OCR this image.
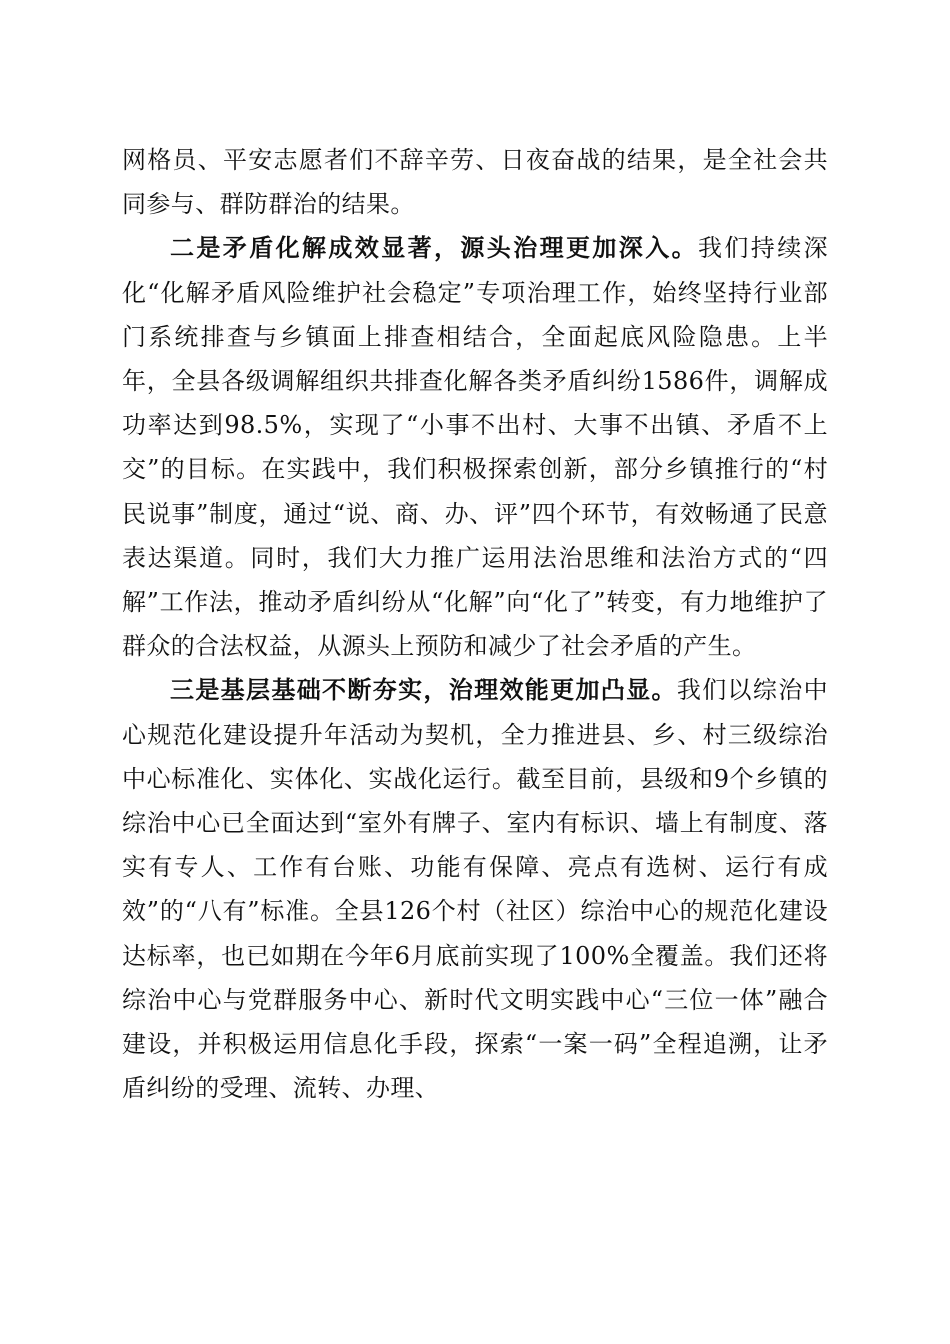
网格员、平安志愿者们不辞辛劳、日夜奋战的结果，是全社会共同参与、群防群治的结果。

二是矛盾化解成效显著，源头治理更加深入。我们持续深化“化解矛盾风险维护社会稳定”专项治理工作，始终坚持行业部门系统排查与乡镇面上排查相结合，全面起底风险隐患。上半年，全县各级调解组织共排查化解各类矛盾纠纷1586件，调解成功率达到98.5%，实现了“小事不出村、大事不出镇、矛盾不上交”的目标。在实践中，我们积极探索创新，部分乡镇推行的“村民说事”制度，通过“说、商、办、评”四个环节，有效畅通了民意表达渠道。同时，我们大力推广运用法治思维和法治方式的“四解”工作法，推动矛盾纠纷从“化解”向“化了”转变，有力地维护了群众的合法权益，从源头上预防和减少了社会矛盾的产生。

三是基层基础不断夯实，治理效能更加凸显。我们以综治中心规范化建设提升年活动为契机，全力推进县、乡、村三级综治中心标准化、实体化、实战化运行。截至目前，县级和9个乡镇的综治中心已全面达到“室外有牌子、室内有标识、墙上有制度、落实有专人、工作有台账、功能有保障、亮点有选树、运行有成效”的“八有”标准。全县126个村（社区）综治中心的规范化建设达标率，也已如期在今年6月底前实现了100%全覆盖。我们还将综治中心与党群服务中心、新时代文明实践中心“三位一体”融合建设，并积极运用信息化手段，探索“一案一码”全程追溯，让矛盾纠纷的受理、流转、办理、
